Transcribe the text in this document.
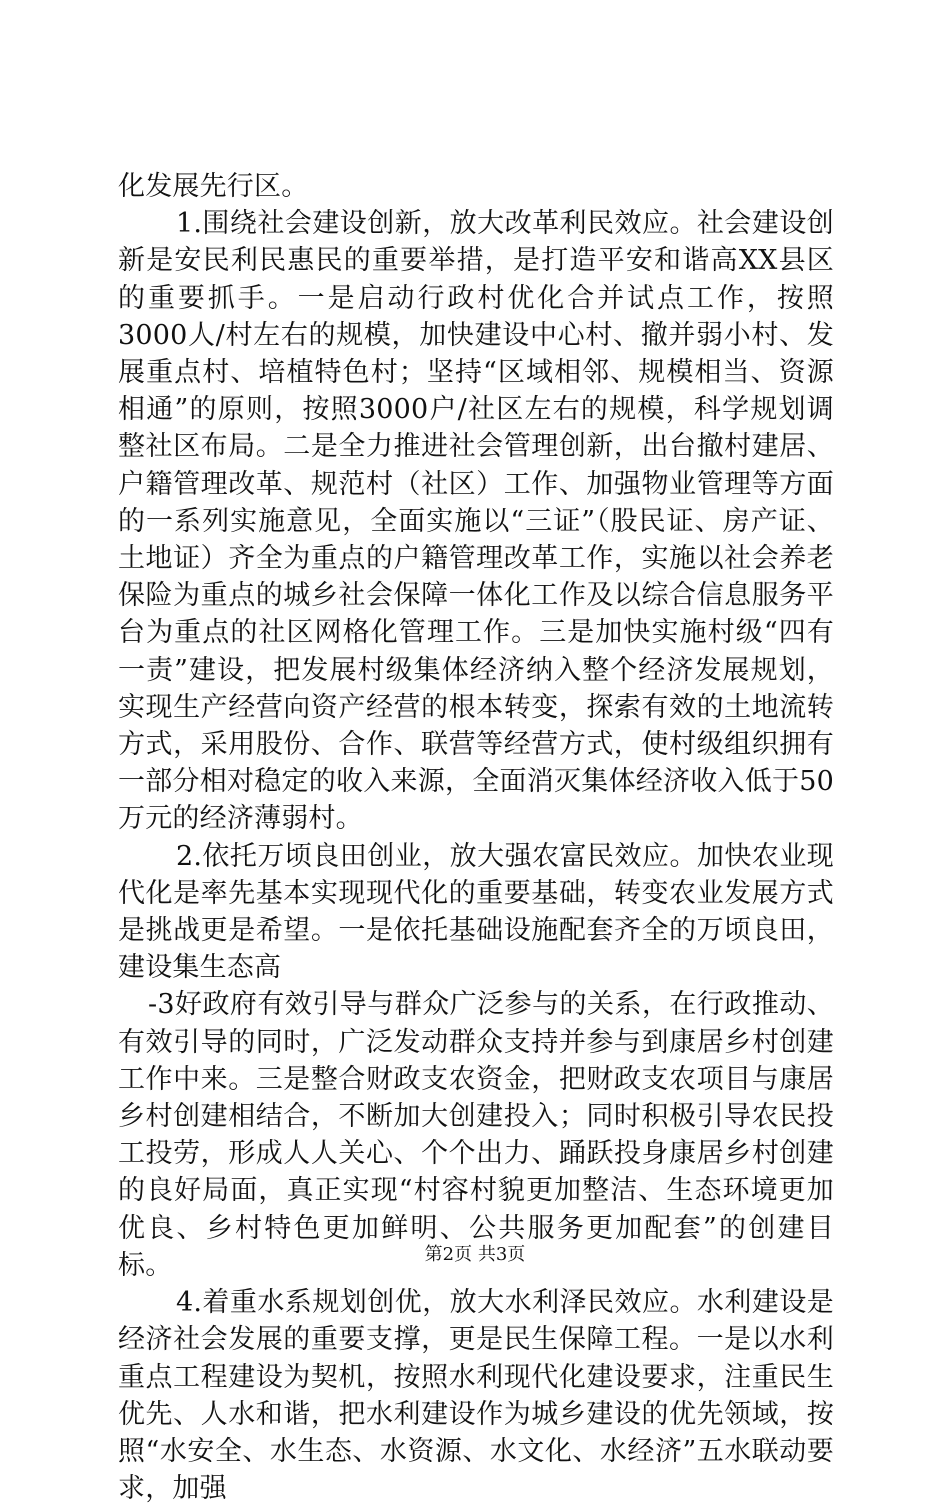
化发展先行区。

1.围绕社会建设创新，放大改革利民效应。社会建设创新是安民利民惠民的重要举措，是打造平安和谐高XX县区的重要抓手。一是启动行政村优化合并试点工作，按照3000人/村左右的规模，加快建设中心村、撤并弱小村、发展重点村、培植特色村；坚持“区域相邻、规模相当、资源相通”的原则，按照3000户/社区左右的规模，科学规划调整社区布局。二是全力推进社会管理创新，出台撤村建居、户籍管理改革、规范村（社区）工作、加强物业管理等方面的一系列实施意见，全面实施以“三证”（股民证、房产证、土地证）齐全为重点的户籍管理改革工作，实施以社会养老保险为重点的城乡社会保障一体化工作及以综合信息服务平台为重点的社区网格化管理工作。三是加快实施村级“四有一责”建设，把发展村级集体经济纳入整个经济发展规划，实现生产经营向资产经营的根本转变，探索有效的土地流转方式，采用股份、合作、联营等经营方式，使村级组织拥有一部分相对稳定的收入来源，全面消灭集体经济收入低于50万元的经济薄弱村。

2.依托万顷良田创业，放大强农富民效应。加快农业现代化是率先基本实现现代化的重要基础，转变农业发展方式是挑战更是希望。一是依托基础设施配套齐全的万顷良田，建设集生态高

-3好政府有效引导与群众广泛参与的关系，在行政推动、有效引导的同时，广泛发动群众支持并参与到康居乡村创建工作中来。三是整合财政支农资金，把财政支农项目与康居乡村创建相结合，不断加大创建投入；同时积极引导农民投工投劳，形成人人关心、个个出力、踊跃投身康居乡村创建的良好局面，真正实现“村容村貌更加整洁、生态环境更加优良、乡村特色更加鲜明、公共服务更加配套”的创建目标。

4.着重水系规划创优，放大水利泽民效应。水利建设是经济社会发展的重要支撑，更是民生保障工程。一是以水利重点工程建设为契机，按照水利现代化建设要求，注重民生优先、人水和谐，把水利建设作为城乡建设的优先领域，按照“水安全、水生态、水资源、水文化、水经济”五水联动要求，加强

第2页 共3页
